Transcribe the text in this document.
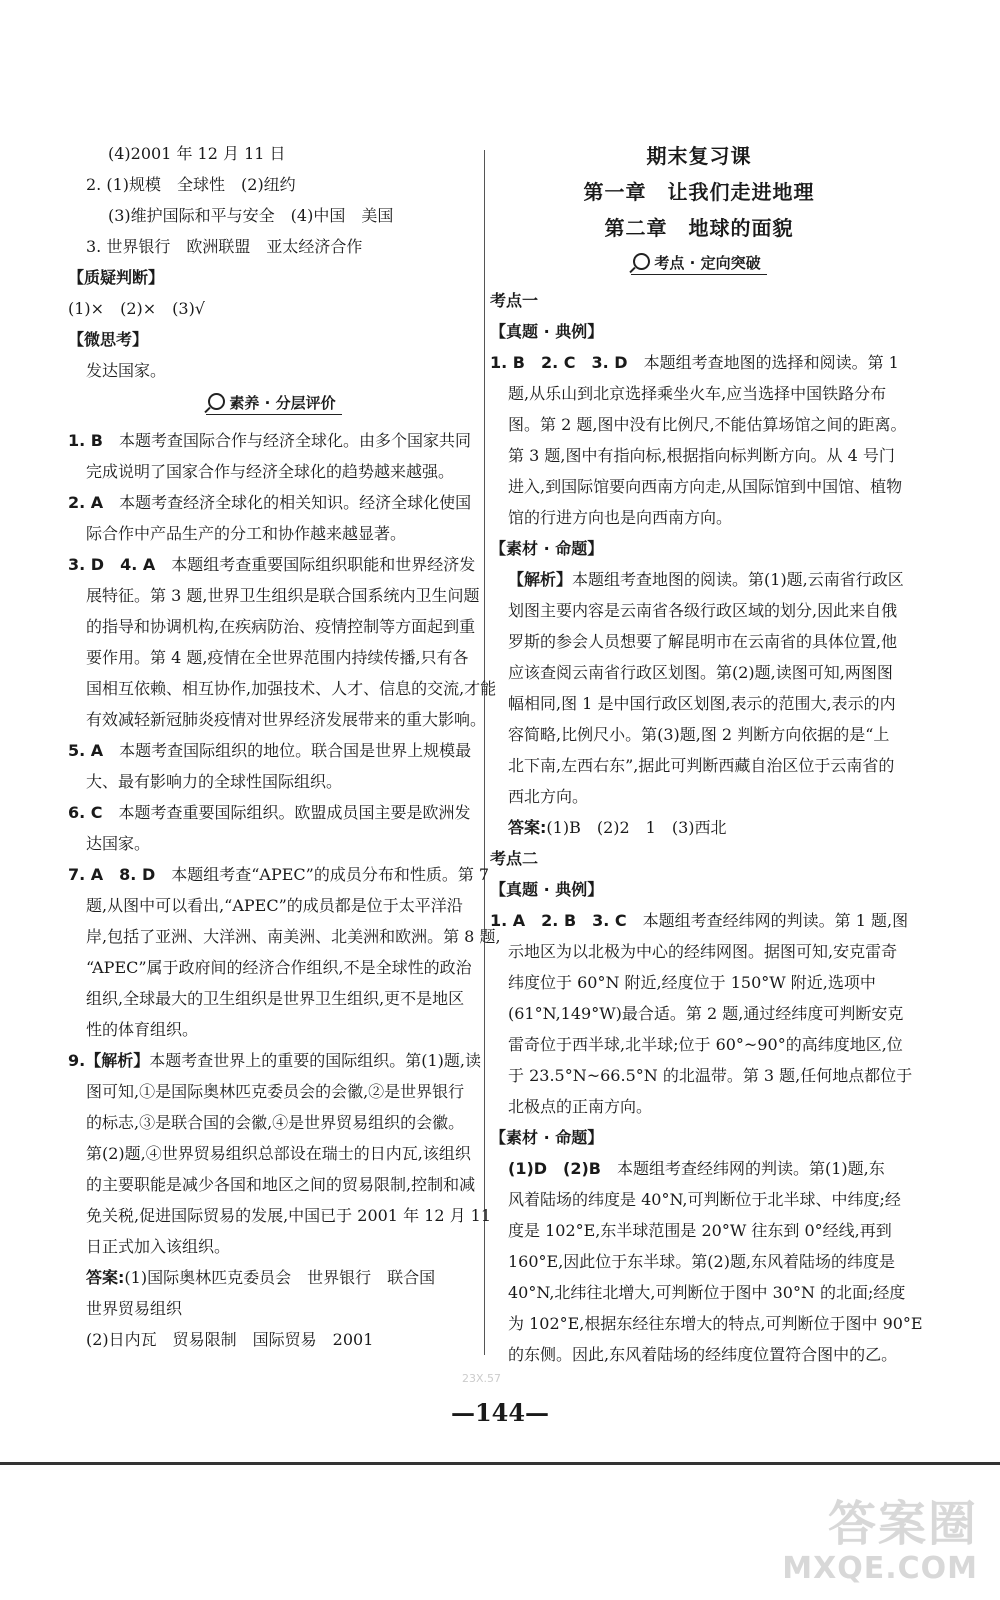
(4)2001 年 12 月 11 日
2. (1)规模　全球性　(2)纽约
(3)维护国际和平与安全　(4)中国　美国
3. 世界银行　欧洲联盟　亚太经济合作
【质疑判断】
(1)×　(2)×　(3)√
【微思考】
发达国家。
素养 · 分层评价
1. B　本题考查国际合作与经济全球化。由多个国家共同
完成说明了国家合作与经济全球化的趋势越来越强。
2. A　本题考查经济全球化的相关知识。经济全球化使国
际合作中产品生产的分工和协作越来越显著。
3. D　4. A　本题组考查重要国际组织职能和世界经济发
展特征。第 3 题,世界卫生组织是联合国系统内卫生问题
的指导和协调机构,在疾病防治、疫情控制等方面起到重
要作用。第 4 题,疫情在全世界范围内持续传播,只有各
国相互依赖、相互协作,加强技术、人才、信息的交流,才能
有效减轻新冠肺炎疫情对世界经济发展带来的重大影响。
5. A　本题考查国际组织的地位。联合国是世界上规模最
大、最有影响力的全球性国际组织。
6. C　本题考查重要国际组织。欧盟成员国主要是欧洲发
达国家。
7. A　8. D　本题组考查“APEC”的成员分布和性质。第 7
题,从图中可以看出,“APEC”的成员都是位于太平洋沿
岸,包括了亚洲、大洋洲、南美洲、北美洲和欧洲。第 8 题,
“APEC”属于政府间的经济合作组织,不是全球性的政治
组织,全球最大的卫生组织是世界卫生组织,更不是地区
性的体育组织。
9.【解析】本题考查世界上的重要的国际组织。第(1)题,读
图可知,①是国际奥林匹克委员会的会徽,②是世界银行
的标志,③是联合国的会徽,④是世界贸易组织的会徽。
第(2)题,④世界贸易组织总部设在瑞士的日内瓦,该组织
的主要职能是减少各国和地区之间的贸易限制,控制和减
免关税,促进国际贸易的发展,中国已于 2001 年 12 月 11
日正式加入该组织。
答案:(1)国际奥林匹克委员会　世界银行　联合国
世界贸易组织
(2)日内瓦　贸易限制　国际贸易　2001
期末复习课
第一章　让我们走进地理
第二章　地球的面貌
考点 · 定向突破
考点一
【真题 · 典例】
1. B　2. C　3. D　本题组考查地图的选择和阅读。第 1
题,从乐山到北京选择乘坐火车,应当选择中国铁路分布
图。第 2 题,图中没有比例尺,不能估算场馆之间的距离。
第 3 题,图中有指向标,根据指向标判断方向。从 4 号门
进入,到国际馆要向西南方向走,从国际馆到中国馆、植物
馆的行进方向也是向西南方向。
【素材 · 命题】
【解析】本题组考查地图的阅读。第(1)题,云南省行政区
划图主要内容是云南省各级行政区域的划分,因此来自俄
罗斯的参会人员想要了解昆明市在云南省的具体位置,他
应该查阅云南省行政区划图。第(2)题,读图可知,两图图
幅相同,图 1 是中国行政区划图,表示的范围大,表示的内
容简略,比例尺小。第(3)题,图 2 判断方向依据的是“上
北下南,左西右东”,据此可判断西藏自治区位于云南省的
西北方向。
答案:(1)B　(2)2　1　(3)西北
考点二
【真题 · 典例】
1. A　2. B　3. C　本题组考查经纬网的判读。第 1 题,图
示地区为以北极为中心的经纬网图。据图可知,安克雷奇
纬度位于 60°N 附近,经度位于 150°W 附近,选项中
(61°N,149°W)最合适。第 2 题,通过经纬度可判断安克
雷奇位于西半球,北半球;位于 60°~90°的高纬度地区,位
于 23.5°N~66.5°N 的北温带。第 3 题,任何地点都位于
北极点的正南方向。
【素材 · 命题】
(1)D　(2)B　本题组考查经纬网的判读。第(1)题,东
风着陆场的纬度是 40°N,可判断位于北半球、中纬度;经
度是 102°E,东半球范围是 20°W 往东到 0°经线,再到
160°E,因此位于东半球。第(2)题,东风着陆场的纬度是
40°N,北纬往北增大,可判断位于图中 30°N 的北面;经度
为 102°E,根据东经往东增大的特点,可判断位于图中 90°E
的东侧。因此,东风着陆场的经纬度位置符合图中的乙。
23X.57
—144—
答案圈
MXQE.COM
